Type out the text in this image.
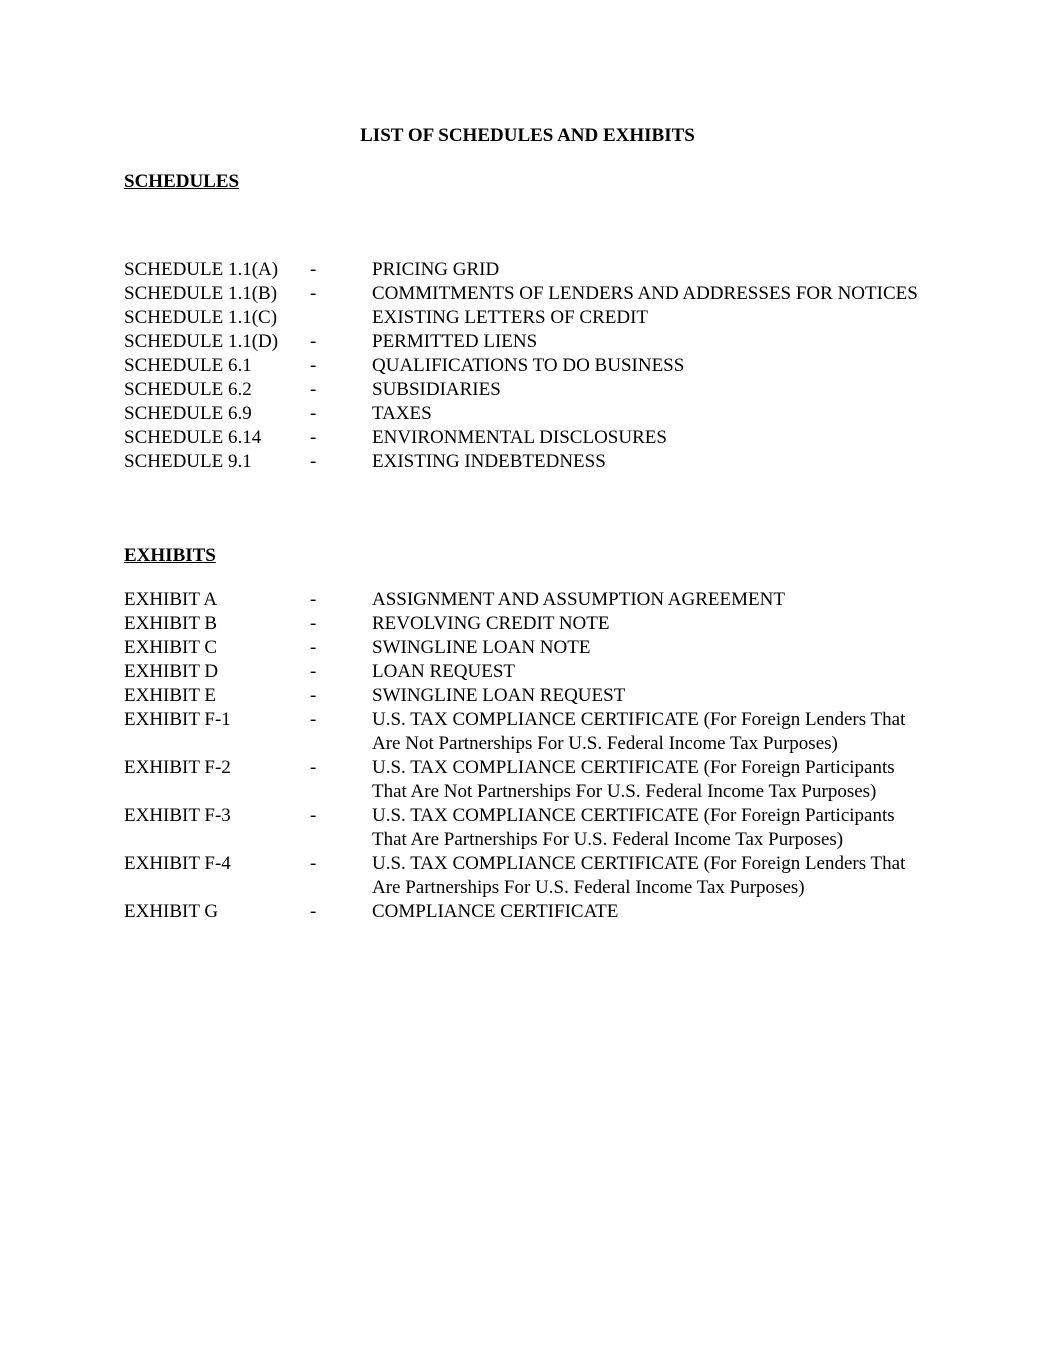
LIST OF SCHEDULES AND EXHIBITS
SCHEDULES
SCHEDULE 1.1(A)	-	PRICING GRID
SCHEDULE 1.1(B)	-	COMMITMENTS OF LENDERS AND ADDRESSES FOR NOTICES
SCHEDULE 1.1(C)	EXISTING LETTERS OF CREDIT
SCHEDULE 1.1(D)	-	PERMITTED LIENS
SCHEDULE 6.1	-	QUALIFICATIONS TO DO BUSINESS
SCHEDULE 6.2	-	SUBSIDIARIES
SCHEDULE 6.9	-	TAXES
SCHEDULE 6.14	-	ENVIRONMENTAL DISCLOSURES
SCHEDULE 9.1	-	EXISTING INDEBTEDNESS
EXHIBITS
EXHIBIT A	-	ASSIGNMENT AND ASSUMPTION AGREEMENT
EXHIBIT B	-	REVOLVING CREDIT NOTE
EXHIBIT C	-	SWINGLINE LOAN NOTE
EXHIBIT D	-	LOAN REQUEST
EXHIBIT E	-	SWINGLINE LOAN REQUEST
EXHIBIT F-1	-	U.S. TAX COMPLIANCE CERTIFICATE (For Foreign Lenders That Are Not Partnerships For U.S. Federal Income Tax Purposes)
EXHIBIT F-2	-	U.S. TAX COMPLIANCE CERTIFICATE (For Foreign Participants That Are Not Partnerships For U.S. Federal Income Tax Purposes)
EXHIBIT F-3	-	U.S. TAX COMPLIANCE CERTIFICATE (For Foreign Participants That Are Partnerships For U.S. Federal Income Tax Purposes)
EXHIBIT F-4	-	U.S. TAX COMPLIANCE CERTIFICATE (For Foreign Lenders That Are Partnerships For U.S. Federal Income Tax Purposes)
EXHIBIT G	-	COMPLIANCE CERTIFICATE
